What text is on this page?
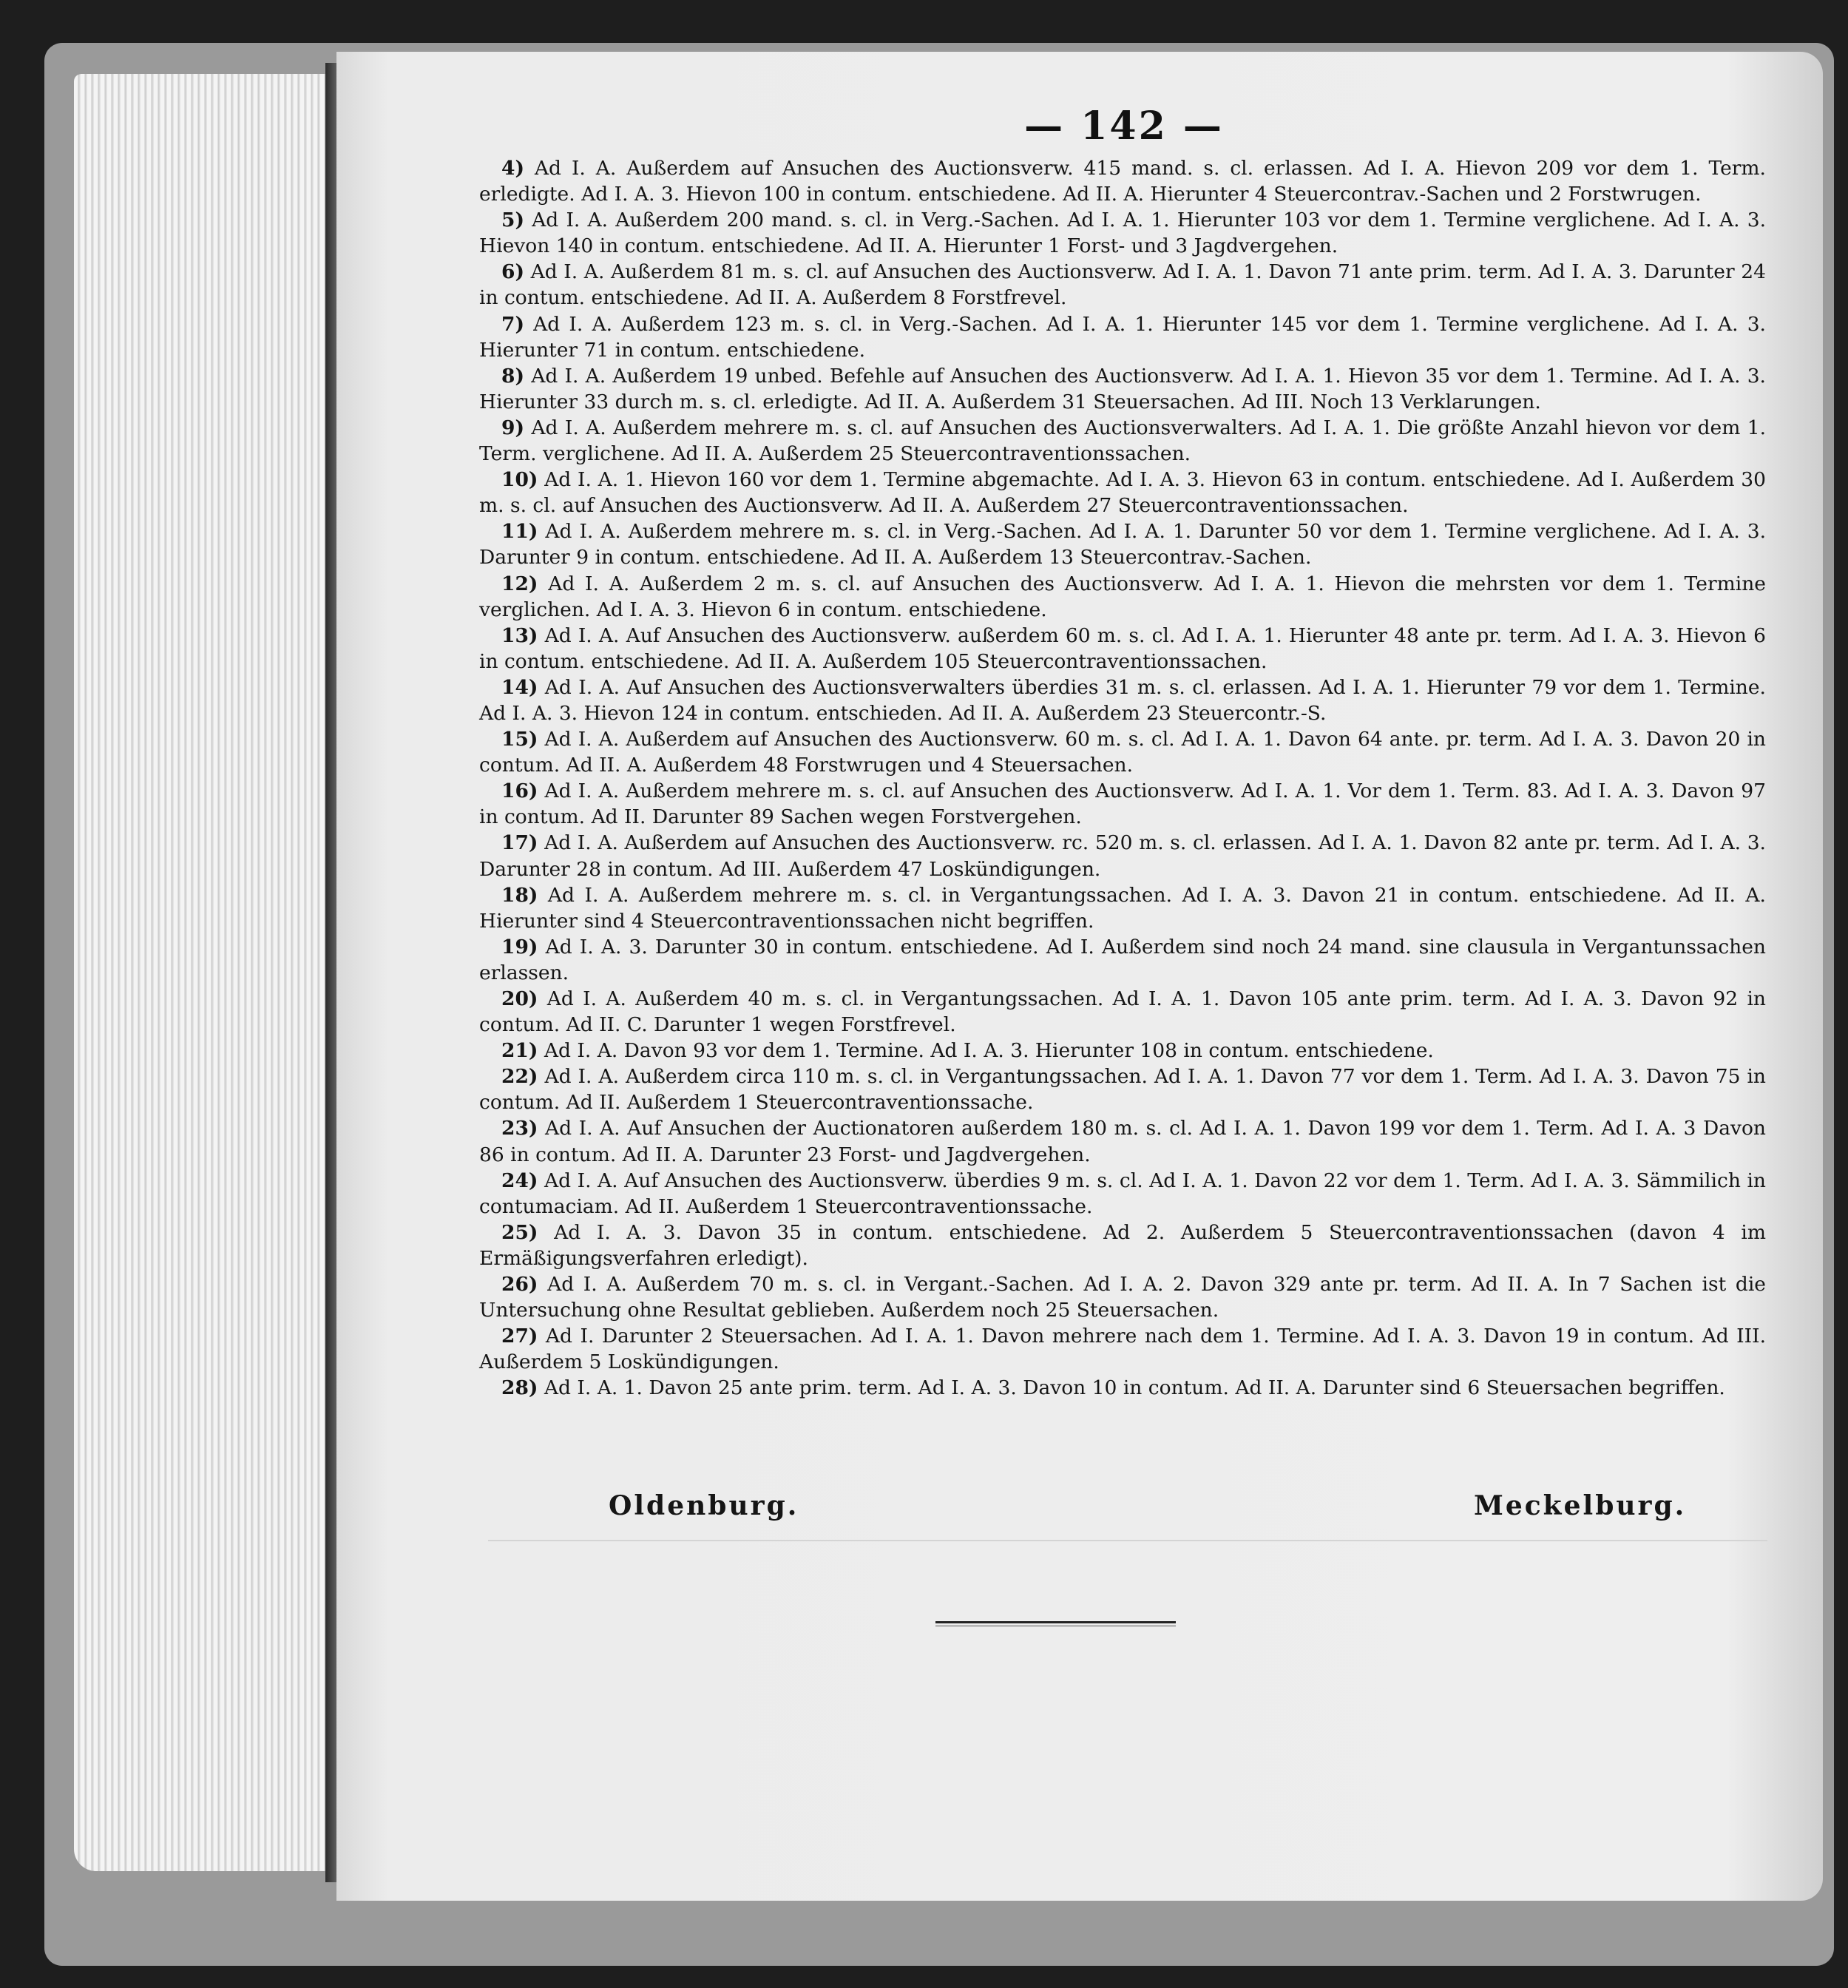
— 142 —

4) Ad I. A. Außerdem auf Ansuchen des Auctionsverw. 415 mand. s. cl. erlassen. Ad I. A. Hievon 209 vor dem 1. Term. erledigte. Ad I. A. 3. Hievon 100 in contum. entschiedene. Ad II. A. Hierunter 4 Steuercontrav.-Sachen und 2 Forstwrugen.

5) Ad I. A. Außerdem 200 mand. s. cl. in Verg.-Sachen. Ad I. A. 1. Hierunter 103 vor dem 1. Termine verglichene. Ad I. A. 3. Hievon 140 in contum. entschiedene. Ad II. A. Hierunter 1 Forst- und 3 Jagdvergehen.

6) Ad I. A. Außerdem 81 m. s. cl. auf Ansuchen des Auctionsverw. Ad I. A. 1. Davon 71 ante prim. term. Ad I. A. 3. Darunter 24 in contum. entschiedene. Ad II. A. Außerdem 8 Forstfrevel.

7) Ad I. A. Außerdem 123 m. s. cl. in Verg.-Sachen. Ad I. A. 1. Hierunter 145 vor dem 1. Termine verglichene. Ad I. A. 3. Hierunter 71 in contum. entschiedene.

8) Ad I. A. Außerdem 19 unbed. Befehle auf Ansuchen des Auctionsverw. Ad I. A. 1. Hievon 35 vor dem 1. Termine. Ad I. A. 3. Hierunter 33 durch m. s. cl. erledigte. Ad II. A. Außerdem 31 Steuersachen. Ad III. Noch 13 Verklarungen.

9) Ad I. A. Außerdem mehrere m. s. cl. auf Ansuchen des Auctionsverwalters. Ad I. A. 1. Die größte Anzahl hievon vor dem 1. Term. verglichene. Ad II. A. Außerdem 25 Steuercontraventionssachen.

10) Ad I. A. 1. Hievon 160 vor dem 1. Termine abgemachte. Ad I. A. 3. Hievon 63 in contum. entschiedene. Ad I. Außerdem 30 m. s. cl. auf Ansuchen des Auctionsverw. Ad II. A. Außerdem 27 Steuercontraventionssachen.

11) Ad I. A. Außerdem mehrere m. s. cl. in Verg.-Sachen. Ad I. A. 1. Darunter 50 vor dem 1. Termine verglichene. Ad I. A. 3. Darunter 9 in contum. entschiedene. Ad II. A. Außerdem 13 Steuercontrav.-Sachen.

12) Ad I. A. Außerdem 2 m. s. cl. auf Ansuchen des Auctionsverw. Ad I. A. 1. Hievon die mehrsten vor dem 1. Termine verglichen. Ad I. A. 3. Hievon 6 in contum. entschiedene.

13) Ad I. A. Auf Ansuchen des Auctionsverw. außerdem 60 m. s. cl. Ad I. A. 1. Hierunter 48 ante pr. term. Ad I. A. 3. Hievon 6 in contum. entschiedene. Ad II. A. Außerdem 105 Steuercontraventionssachen.

14) Ad I. A. Auf Ansuchen des Auctionsverwalters überdies 31 m. s. cl. erlassen. Ad I. A. 1. Hierunter 79 vor dem 1. Termine. Ad I. A. 3. Hievon 124 in contum. entschieden. Ad II. A. Außerdem 23 Steuercontr.-S.

15) Ad I. A. Außerdem auf Ansuchen des Auctionsverw. 60 m. s. cl. Ad I. A. 1. Davon 64 ante. pr. term. Ad I. A. 3. Davon 20 in contum. Ad II. A. Außerdem 48 Forstwrugen und 4 Steuersachen.

16) Ad I. A. Außerdem mehrere m. s. cl. auf Ansuchen des Auctionsverw. Ad I. A. 1. Vor dem 1. Term. 83. Ad I. A. 3. Davon 97 in contum. Ad II. Darunter 89 Sachen wegen Forstvergehen.

17) Ad I. A. Außerdem auf Ansuchen des Auctionsverw. rc. 520 m. s. cl. erlassen. Ad I. A. 1. Davon 82 ante pr. term. Ad I. A. 3. Darunter 28 in contum. Ad III. Außerdem 47 Loskündigungen.

18) Ad I. A. Außerdem mehrere m. s. cl. in Vergantungssachen. Ad I. A. 3. Davon 21 in contum. entschiedene. Ad II. A. Hierunter sind 4 Steuercontraventionssachen nicht begriffen.

19) Ad I. A. 3. Darunter 30 in contum. entschiedene. Ad I. Außerdem sind noch 24 mand. sine clausula in Vergantunssachen erlassen.

20) Ad I. A. Außerdem 40 m. s. cl. in Vergantungssachen. Ad I. A. 1. Davon 105 ante prim. term. Ad I. A. 3. Davon 92 in contum. Ad II. C. Darunter 1 wegen Forstfrevel.

21) Ad I. A. Davon 93 vor dem 1. Termine. Ad I. A. 3. Hierunter 108 in contum. entschiedene.

22) Ad I. A. Außerdem circa 110 m. s. cl. in Vergantungssachen. Ad I. A. 1. Davon 77 vor dem 1. Term. Ad I. A. 3. Davon 75 in contum. Ad II. Außerdem 1 Steuercontraventionssache.

23) Ad I. A. Auf Ansuchen der Auctionatoren außerdem 180 m. s. cl. Ad I. A. 1. Davon 199 vor dem 1. Term. Ad I. A. 3 Davon 86 in contum. Ad II. A. Darunter 23 Forst- und Jagdvergehen.

24) Ad I. A. Auf Ansuchen des Auctionsverw. überdies 9 m. s. cl. Ad I. A. 1. Davon 22 vor dem 1. Term. Ad I. A. 3. Sämmilich in contumaciam. Ad II. Außerdem 1 Steuercontraventionssache.

25) Ad I. A. 3. Davon 35 in contum. entschiedene. Ad 2. Außerdem 5 Steuercontraventionssachen (davon 4 im Ermäßigungsverfahren erledigt).

26) Ad I. A. Außerdem 70 m. s. cl. in Vergant.-Sachen. Ad I. A. 2. Davon 329 ante pr. term. Ad II. A. In 7 Sachen ist die Untersuchung ohne Resultat geblieben. Außerdem noch 25 Steuersachen.

27) Ad I. Darunter 2 Steuersachen. Ad I. A. 1. Davon mehrere nach dem 1. Termine. Ad I. A. 3. Davon 19 in contum. Ad III. Außerdem 5 Loskündigungen.

28) Ad I. A. 1. Davon 25 ante prim. term. Ad I. A. 3. Davon 10 in contum. Ad II. A. Darunter sind 6 Steuersachen begriffen.

Oldenburg.	Meckelburg.
